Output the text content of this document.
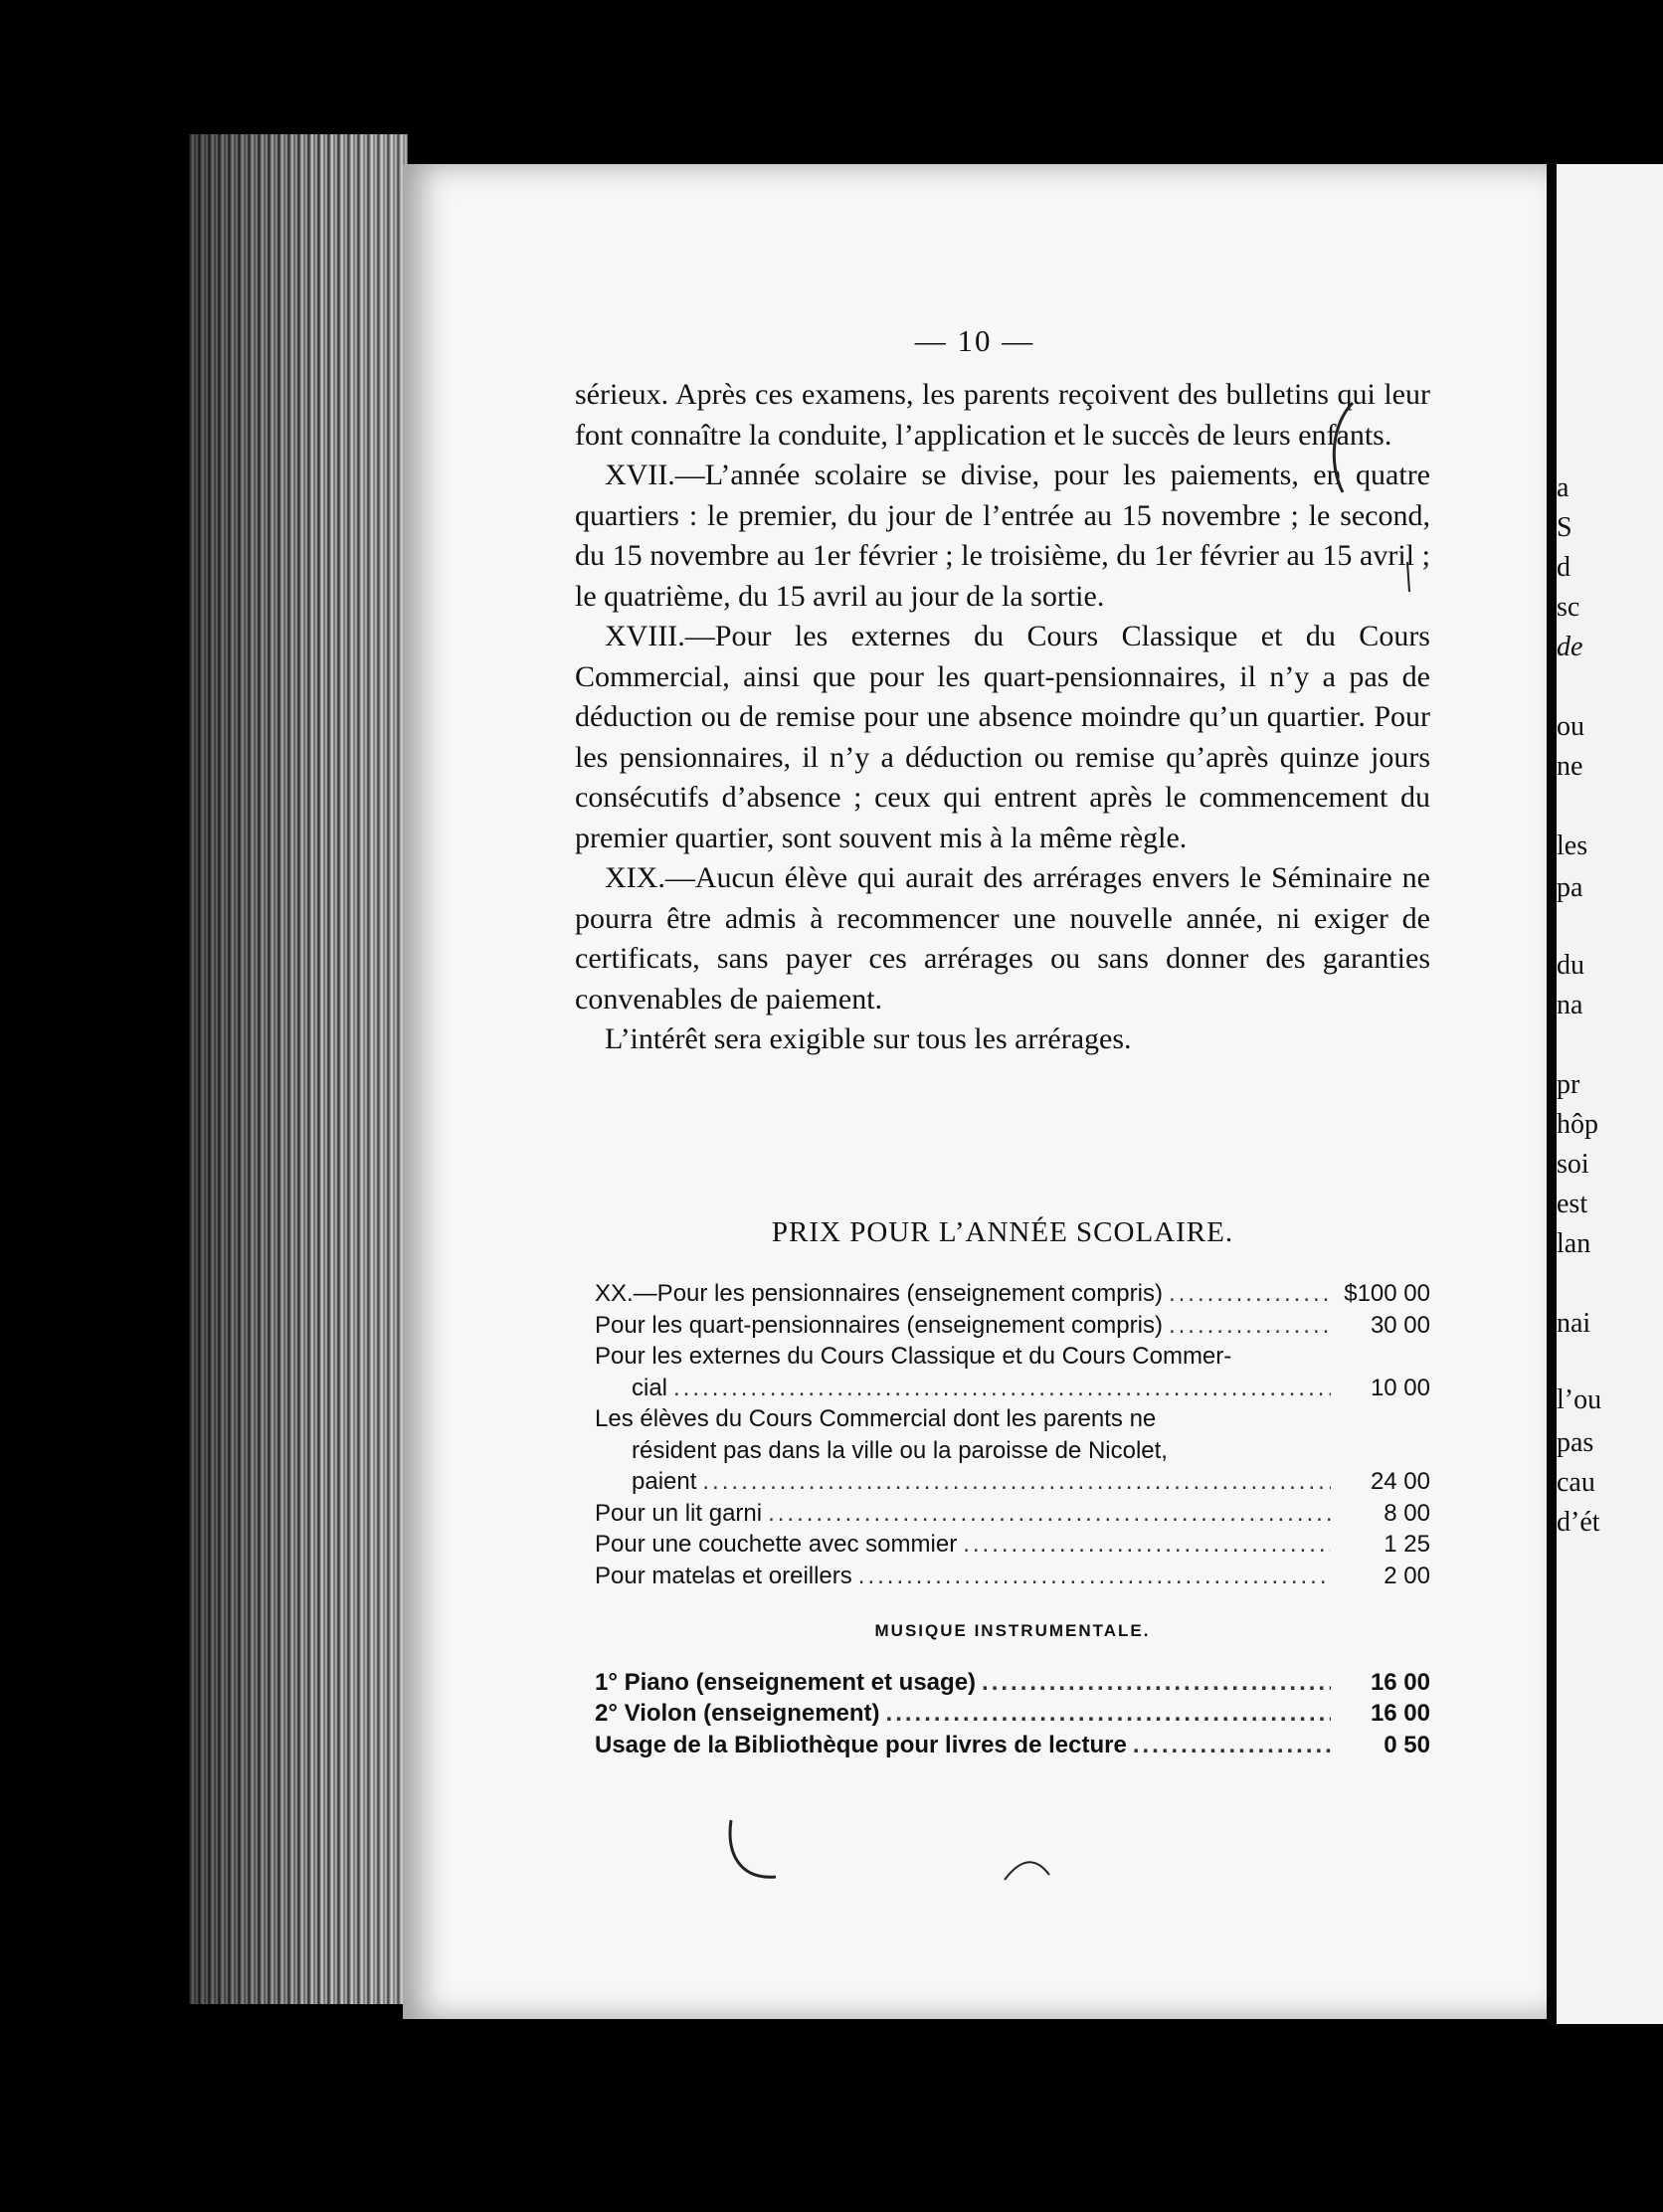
— 10 —

sérieux. Après ces examens, les parents reçoivent des bulletins qui leur font connaître la conduite, l’application et le succès de leurs enfants.

XVII.—L’année scolaire se divise, pour les paiements, en quatre quartiers : le premier, du jour de l’entrée au 15 novembre ; le second, du 15 novembre au 1er février ; le troisième, du 1er février au 15 avril ; le quatrième, du 15 avril au jour de la sortie.

XVIII.—Pour les externes du Cours Classique et du Cours Commercial, ainsi que pour les quart-pensionnaires, il n’y a pas de déduction ou de remise pour une absence moindre qu’un quartier. Pour les pensionnaires, il n’y a déduction ou remise qu’après quinze jours consécutifs d’absence ; ceux qui entrent après le commencement du premier quartier, sont souvent mis à la même règle.

XIX.—Aucun élève qui aurait des arrérages envers le Séminaire ne pourra être admis à recommencer une nouvelle année, ni exiger de certificats, sans payer ces arrérages ou sans donner des garanties convenables de paiement.

L’intérêt sera exigible sur tous les arrérages.

PRIX POUR L’ANNÉE SCOLAIRE.
XX.—Pour les pensionnaires (enseignement compris) .....	$100 00
Pour les quart-pensionnaires (enseignement compris) .....	30 00
Pour les externes du Cours Classique et du Cours Commer-
cial .....	10 00
Les élèves du Cours Commercial dont les parents ne
résident pas dans la ville ou la paroisse de Nicolet,
paient .....	24 00
Pour un lit garni .....	8 00
Pour une couchette avec sommier .....	1 25
Pour matelas et oreillers .....	2 00
MUSIQUE INSTRUMENTALE.
1° Piano (enseignement et usage) .....	16 00
2° Violon (enseignement) .....	16 00
Usage de la Bibliothèque pour livres de lecture .....	0 50
a
S
d
sc
de
ou
ne
les
pa
du
na
pr
hôp
soi
est
lan
nai
l’ou
pas
cau
d’ét
